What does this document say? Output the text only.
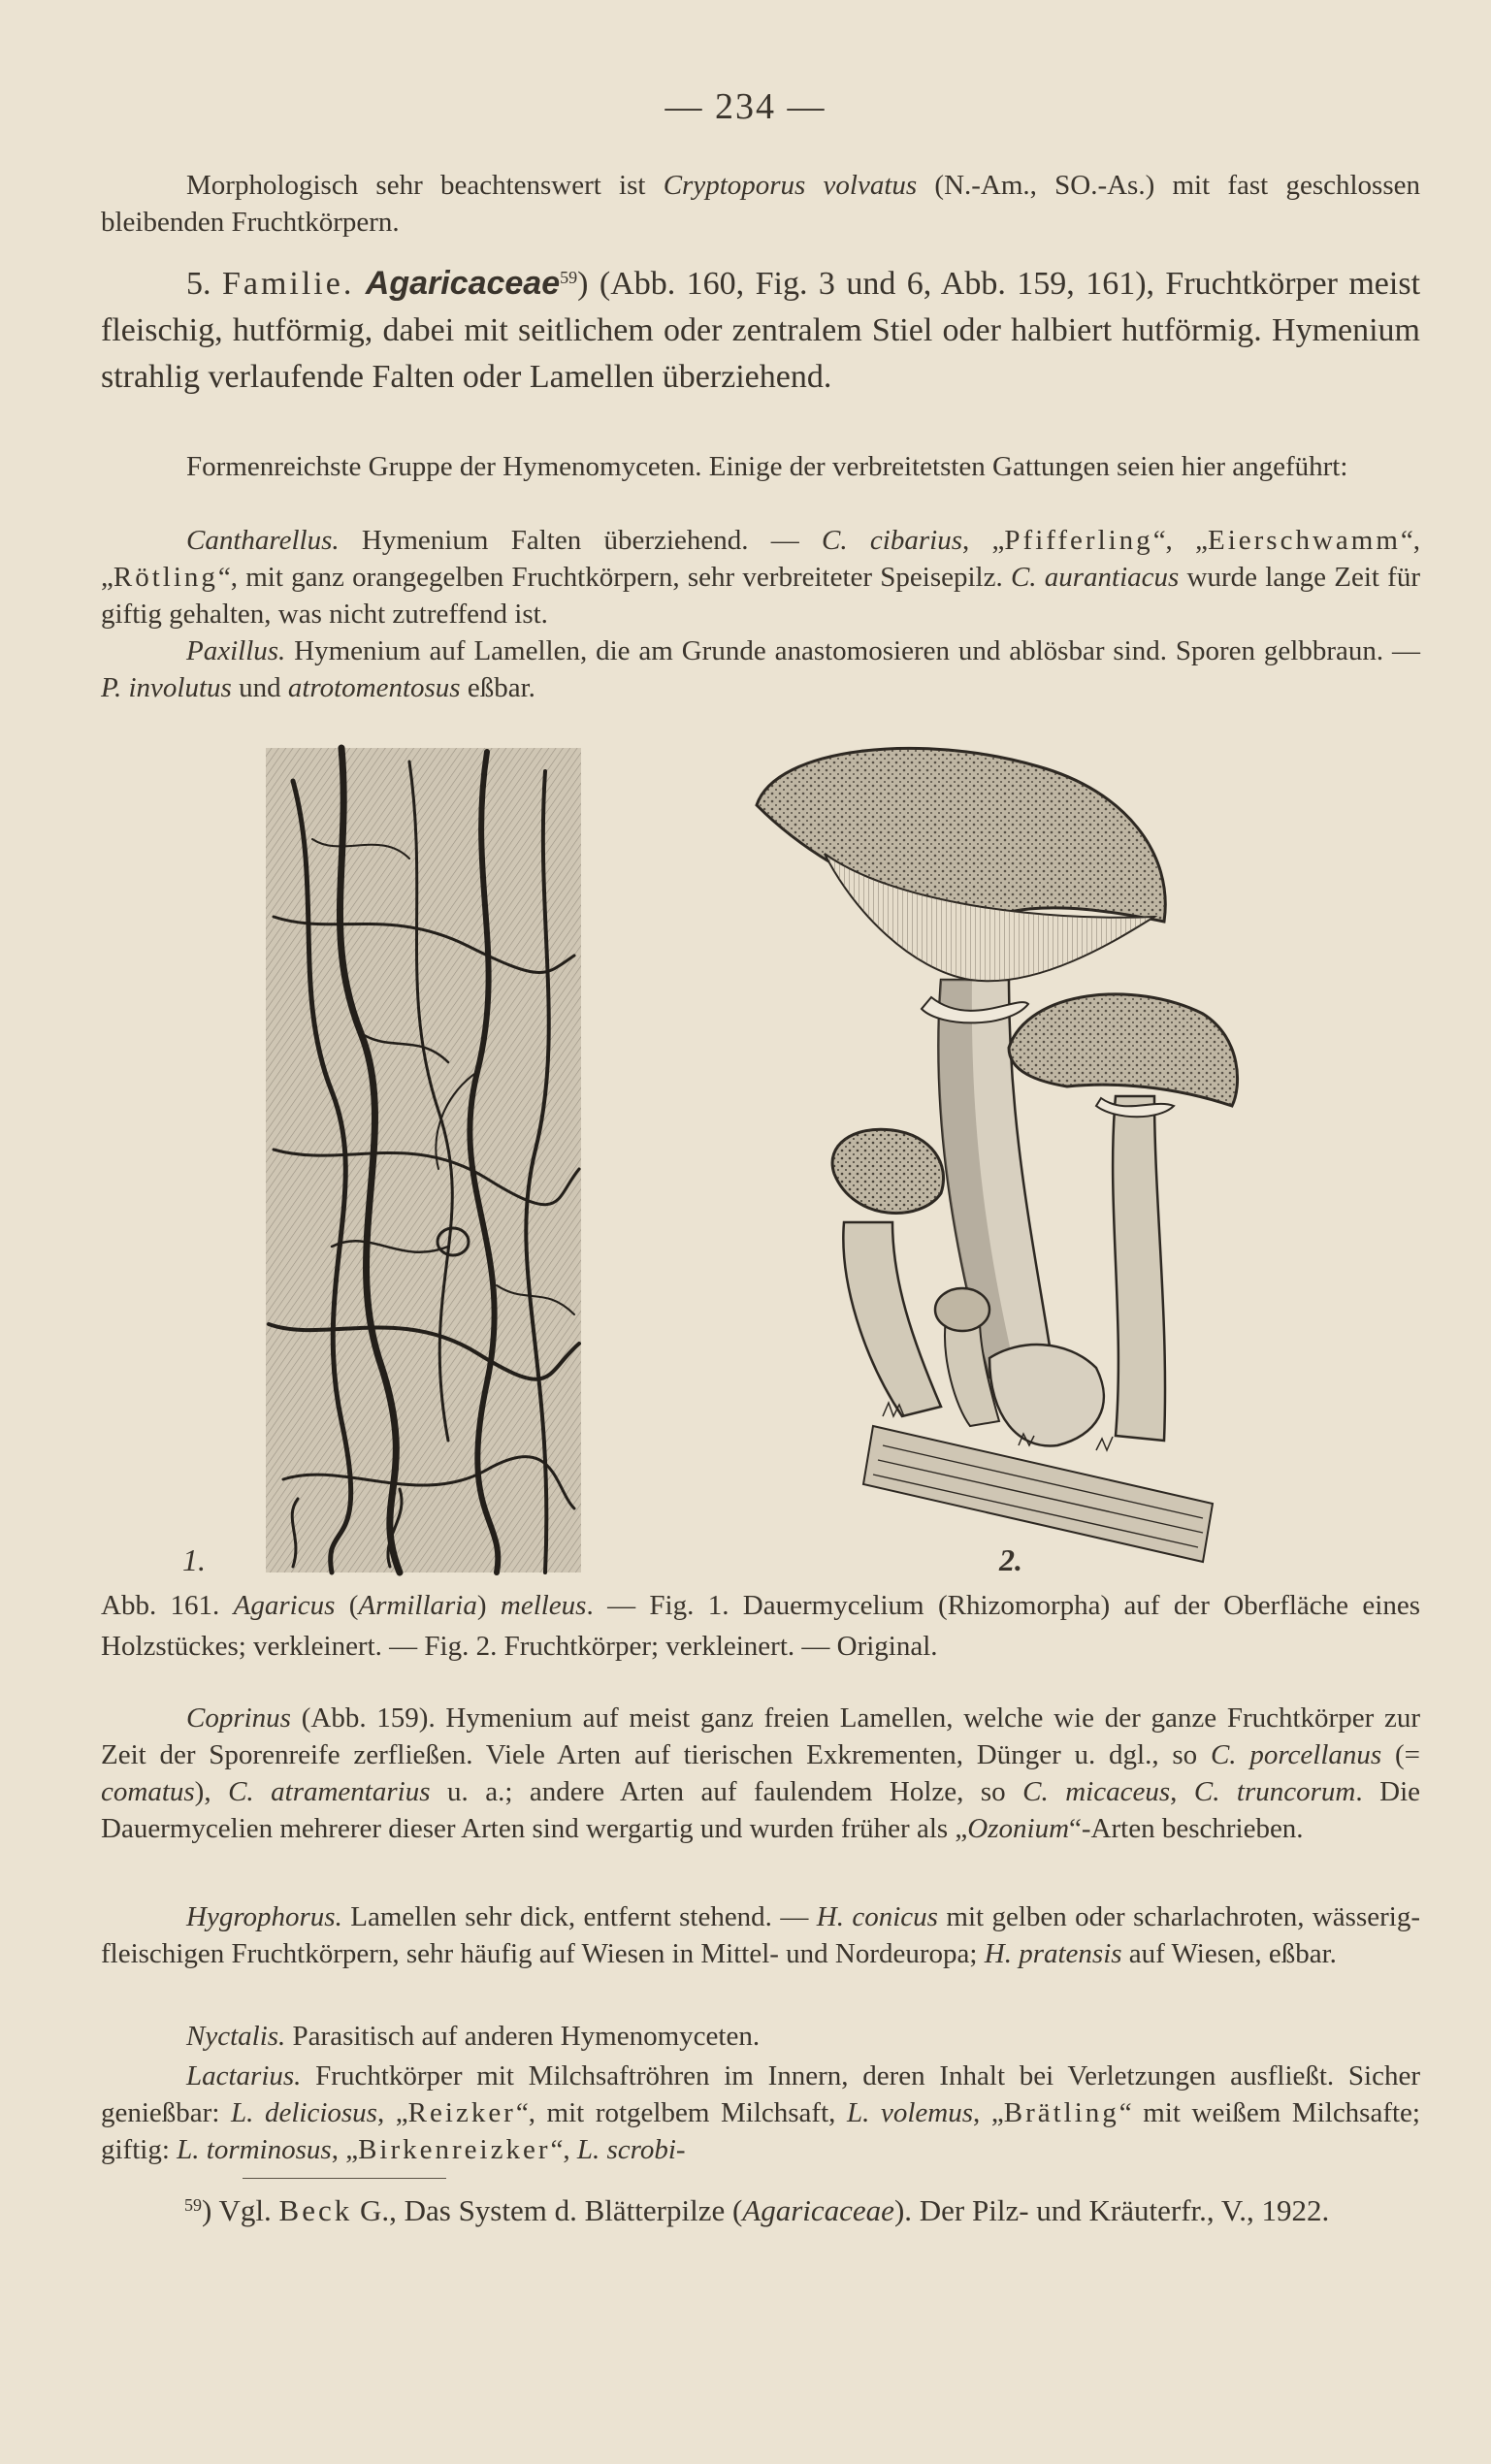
— 234 —

Morphologisch sehr beachtenswert ist Cryptoporus volvatus (N.-Am., SO.-As.) mit fast geschlossen bleibenden Fruchtkörpern.

5. Familie. Agaricaceae$^{59}$) (Abb. 160, Fig. 3 und 6, Abb. 159, 161), Fruchtkörper meist fleischig, hutförmig, dabei mit seitlichem oder zentralem Stiel oder halbiert hutförmig. Hymenium strahlig verlaufende Falten oder Lamellen überziehend.

Formenreichste Gruppe der Hymenomyceten. Einige der verbreitetsten Gattungen seien hier angeführt:

Cantharellus. Hymenium Falten überziehend. — C. cibarius, „Pfifferling“, „Eierschwamm“, „Rötling“, mit ganz orangegelben Fruchtkörpern, sehr verbreiteter Speisepilz. C. aurantiacus wurde lange Zeit für giftig gehalten, was nicht zutreffend ist.

Paxillus. Hymenium auf Lamellen, die am Grunde anastomosieren und ablösbar sind. Sporen gelbbraun. — P. involutus und atrotomentosus eßbar.

1.	2.
Abb. 161. Agaricus (Armillaria) melleus. — Fig. 1. Dauermycelium (Rhizomorpha) auf der Oberfläche eines Holzstückes; verkleinert. — Fig. 2. Fruchtkörper; verkleinert. — Original.

Coprinus (Abb. 159). Hymenium auf meist ganz freien Lamellen, welche wie der ganze Fruchtkörper zur Zeit der Sporenreife zerfließen. Viele Arten auf tierischen Exkrementen, Dünger u. dgl., so C. porcellanus (= comatus), C. atramentarius u. a.; andere Arten auf faulendem Holze, so C. micaceus, C. truncorum. Die Dauermycelien mehrerer dieser Arten sind wergartig und wurden früher als „Ozonium“-Arten beschrieben.

Hygrophorus. Lamellen sehr dick, entfernt stehend. — H. conicus mit gelben oder scharlachroten, wässerig-fleischigen Fruchtkörpern, sehr häufig auf Wiesen in Mittel- und Nordeuropa; H. pratensis auf Wiesen, eßbar.

Nyctalis. Parasitisch auf anderen Hymenomyceten.

Lactarius. Fruchtkörper mit Milchsaftröhren im Innern, deren Inhalt bei Verletzungen ausfließt. Sicher genießbar: L. deliciosus, „Reizker“, mit rotgelbem Milchsaft, L. volemus, „Brätling“ mit weißem Milchsafte; giftig: L. torminosus, „Birkenreizker“, L. scrobi-

$^{59}$) Vgl. Beck G., Das System d. Blätterpilze (Agaricaceae). Der Pilz- und Kräuterfr., V., 1922.
